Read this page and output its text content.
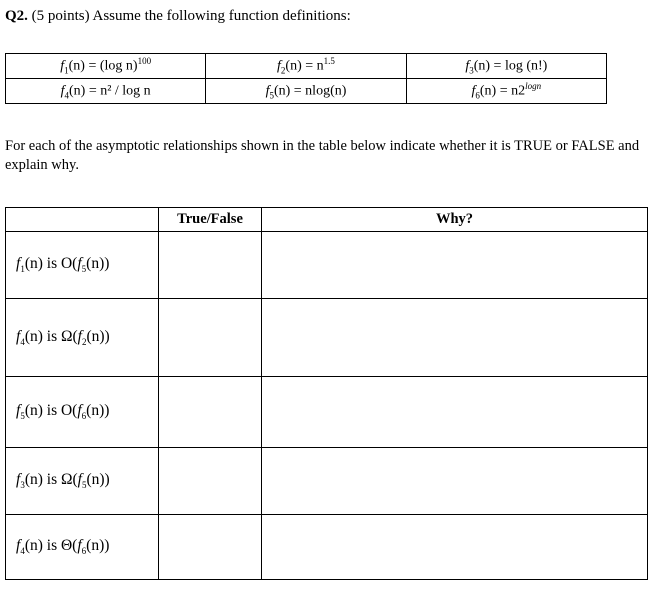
Q2. (5 points) Assume the following function definitions:
$f_1(n) = (\log$ n)$^{100}$	$f_2(n) = n^{1.5}$	$f_3(n) = \log (n!)$
$f_4(n) = n^2 / \log n$	$f_5(n) = nlog(n)$	$f_6(n) = n2^{logn}$
For each of the asymptotic relationships shown in the table below indicate whether it is TRUE or FALSE and explain why.
	True/False	Why?
$f_1(n)$ is $O(f_5(n))$		
$f_4(n)$ is $\Omega(f_2(n))$		
$f_5(n)$ is $O(f_6(n))$		
$f_3(n)$ is $\Omega(f_5(n))$		
$f_4(n)$ is $\Theta(f_6(n))$		
